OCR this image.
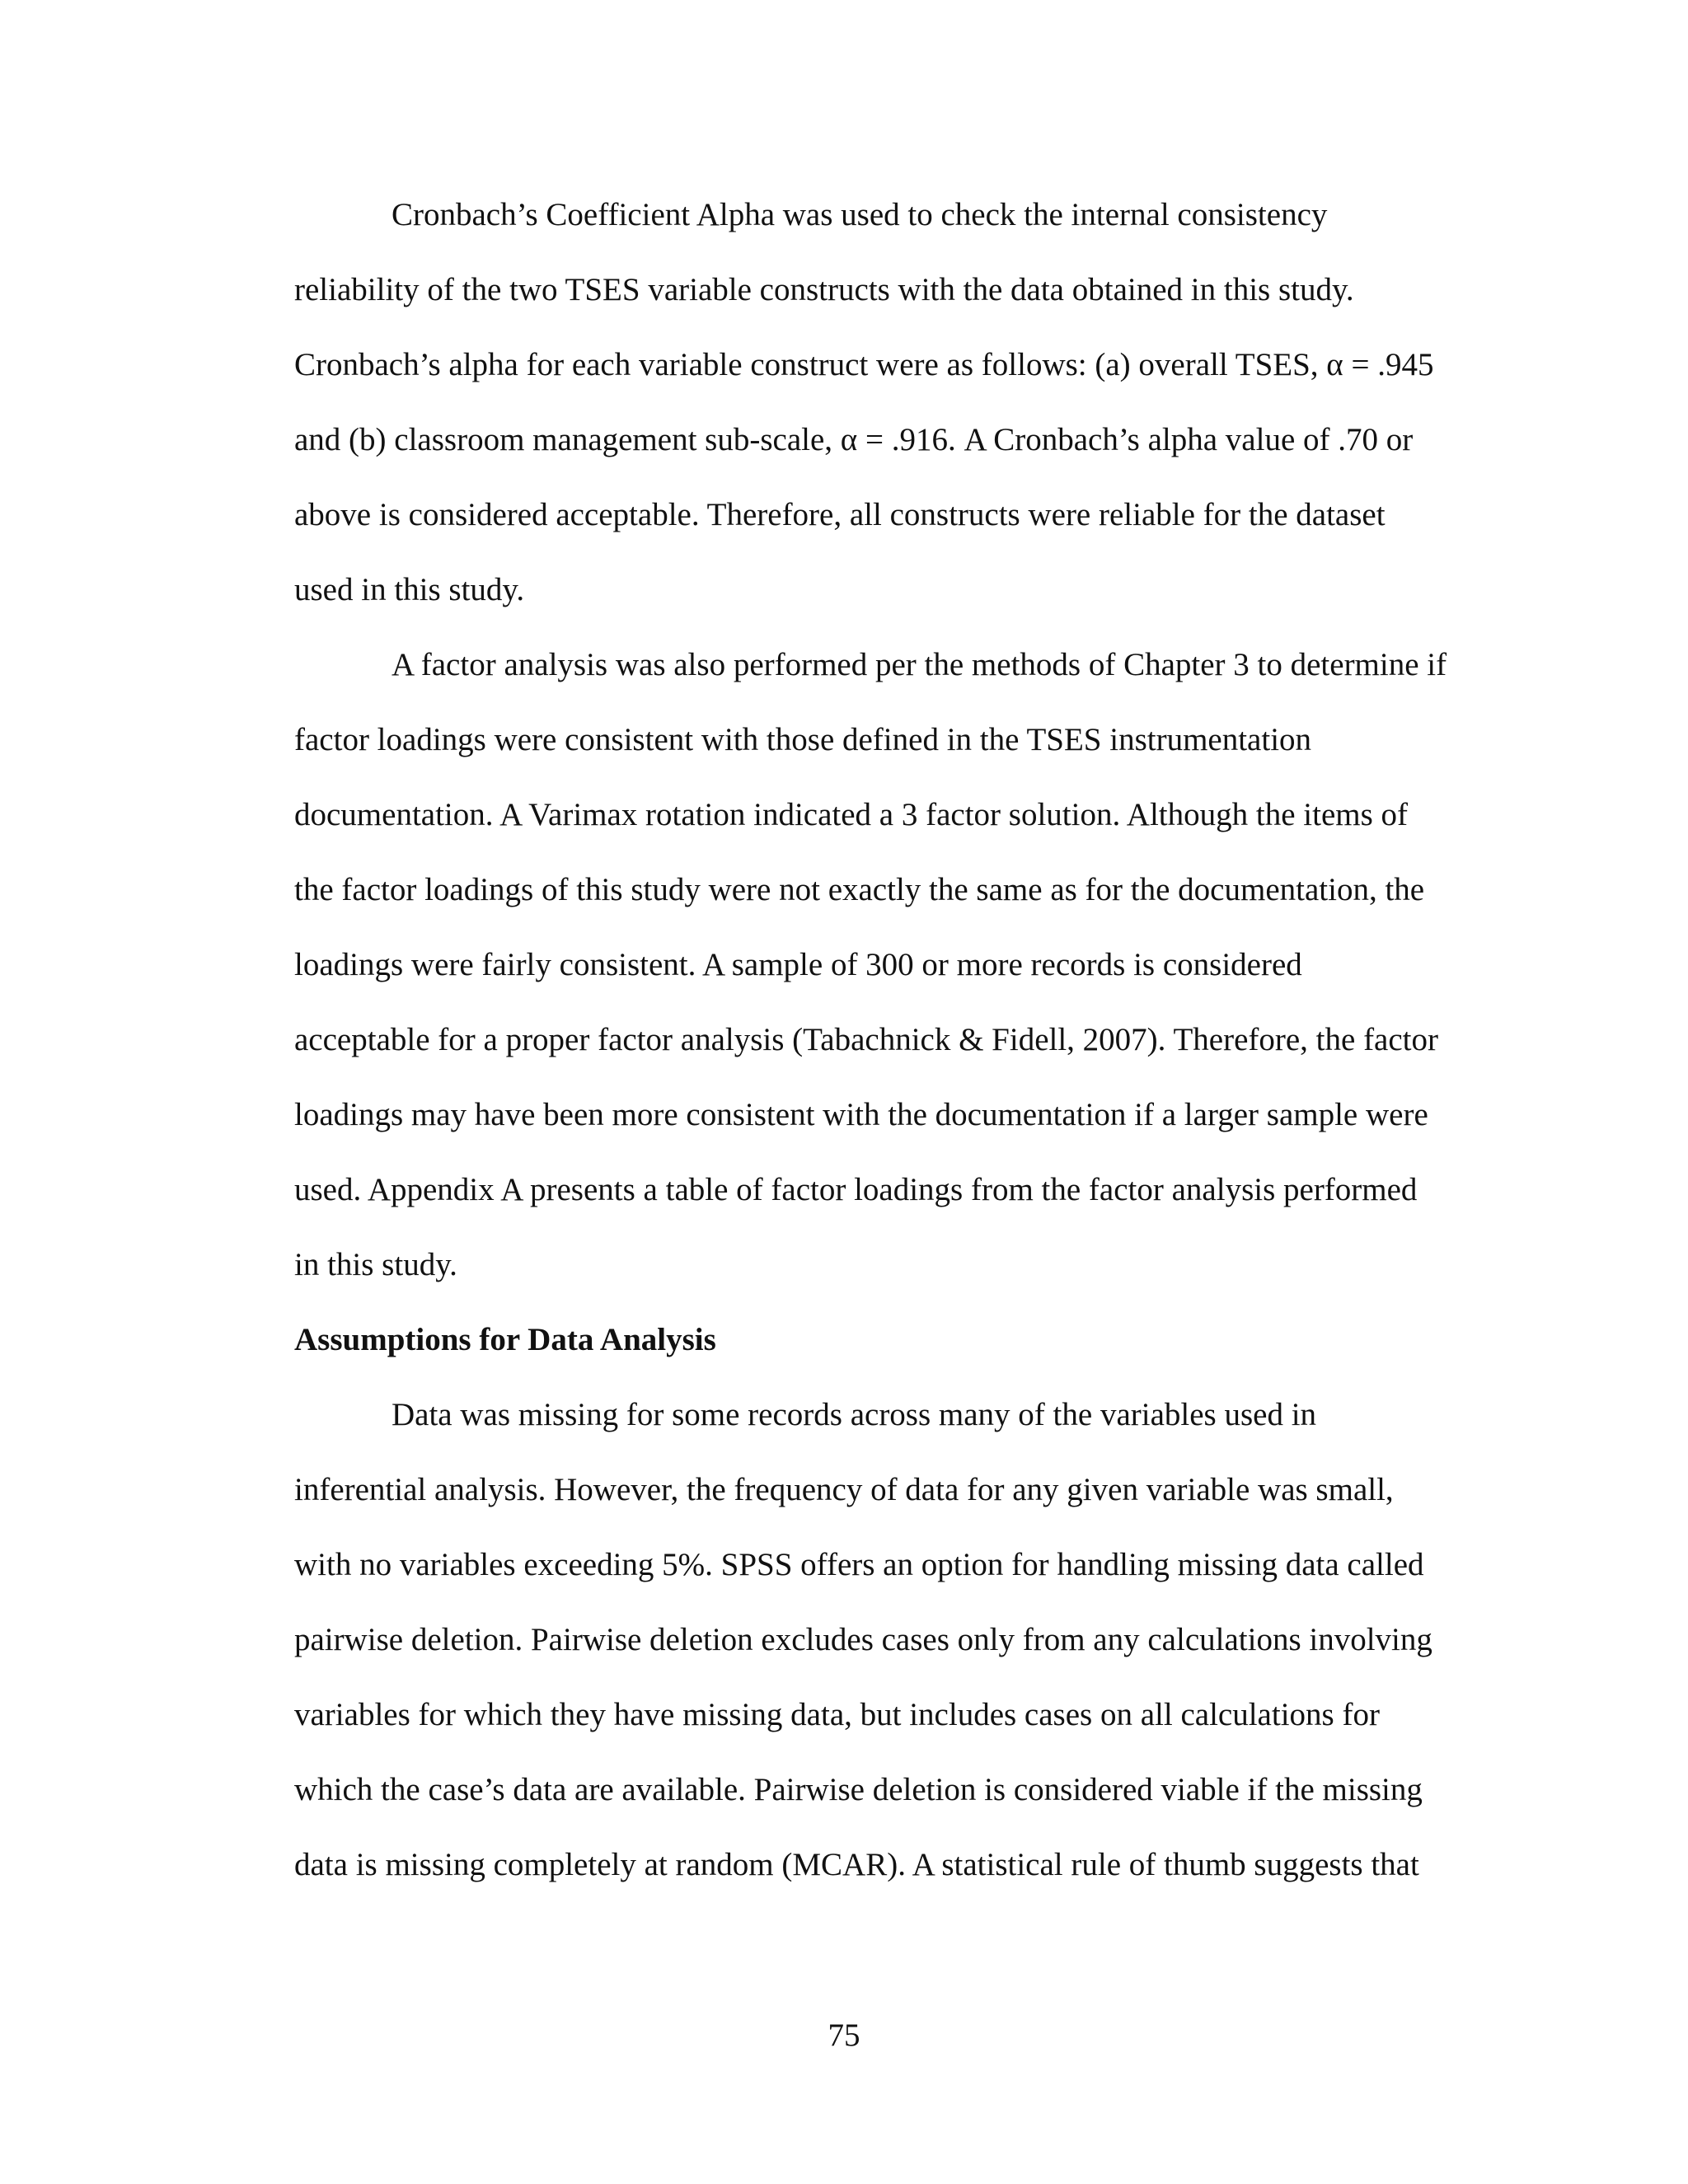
Cronbach’s Coefficient Alpha was used to check the internal consistency
reliability of the two TSES variable constructs with the data obtained in this study.
Cronbach’s alpha for each variable construct were as follows: (a) overall TSES, α = .945
and (b) classroom management sub-scale, α = .916. A Cronbach’s alpha value of .70 or
above is considered acceptable. Therefore, all constructs were reliable for the dataset
used in this study.
A factor analysis was also performed per the methods of Chapter 3 to determine if
factor loadings were consistent with those defined in the TSES instrumentation
documentation. A Varimax rotation indicated a 3 factor solution. Although the items of
the factor loadings of this study were not exactly the same as for the documentation, the
loadings were fairly consistent. A sample of 300 or more records is considered
acceptable for a proper factor analysis (Tabachnick & Fidell, 2007). Therefore, the factor
loadings may have been more consistent with the documentation if a larger sample were
used. Appendix A presents a table of factor loadings from the factor analysis performed
in this study.
Assumptions for Data Analysis
Data was missing for some records across many of the variables used in
inferential analysis. However, the frequency of data for any given variable was small,
with no variables exceeding 5%. SPSS offers an option for handling missing data called
pairwise deletion. Pairwise deletion excludes cases only from any calculations involving
variables for which they have missing data, but includes cases on all calculations for
which the case’s data are available. Pairwise deletion is considered viable if the missing
data is missing completely at random (MCAR). A statistical rule of thumb suggests that
75
